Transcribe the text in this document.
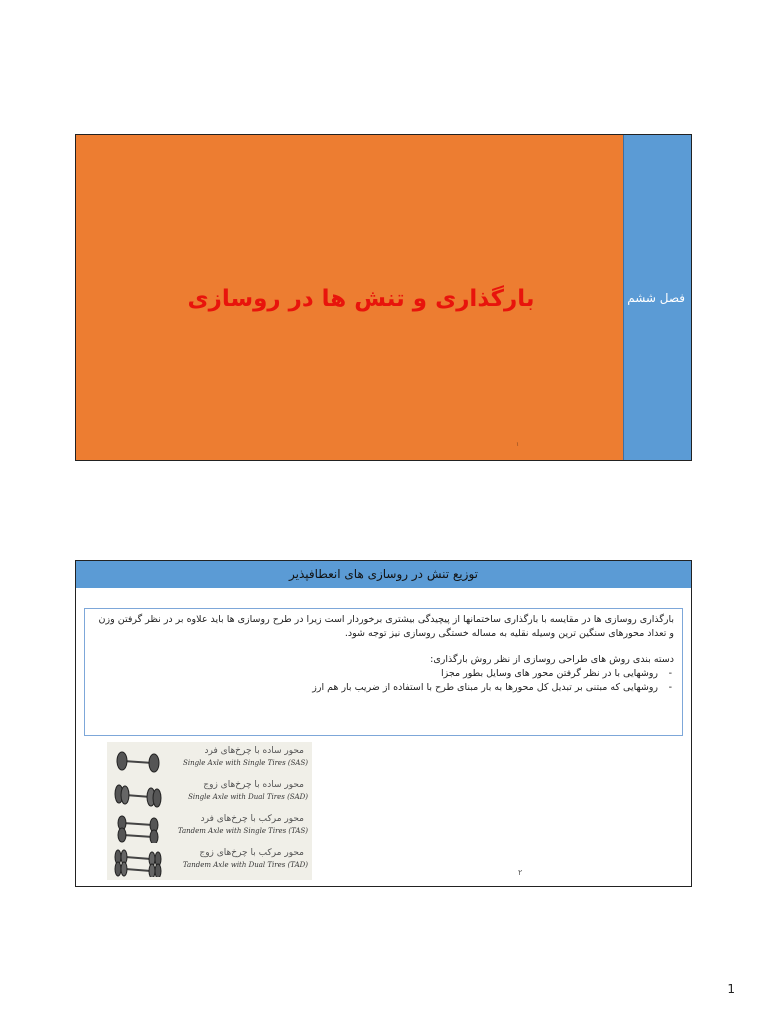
فصل ششم
بارگذاری و تنش ها در روسازی
۱
توزیع تنش در روسازی های انعطافپذیر

بارگذاری روسازی ها در مقایسه با بارگذاری ساختمانها از پیچیدگی بیشتری برخوردار است زیرا در طرح روسازی ها باید علاوه بر در نظر گرفتن وزن و تعداد محورهای سنگین ترین وسیله نقلیه به مساله خستگی روسازی نیز توجه شود.

دسته بندی روش های طراحی روسازی از نظر روش بارگذاری:

- روشهایی با در نظر گرفتن محور های وسایل بطور مجزا
- روشهایی که مبتنی بر تبدیل کل محورها به بار مبنای طرح با استفاده از ضریب بار هم ارز
محور ساده با چرخ‌های فرد
Single Axle with Single Tires (SAS)
محور ساده با چرخ‌های زوج
Single Axle with Dual Tires (SAD)
محور مرکب با چرخ‌های فرد
Tandem Axle with Single Tires (TAS)
محور مرکب با چرخ‌های زوج
Tandem Axle with Dual Tires (TAD)
۲
1
